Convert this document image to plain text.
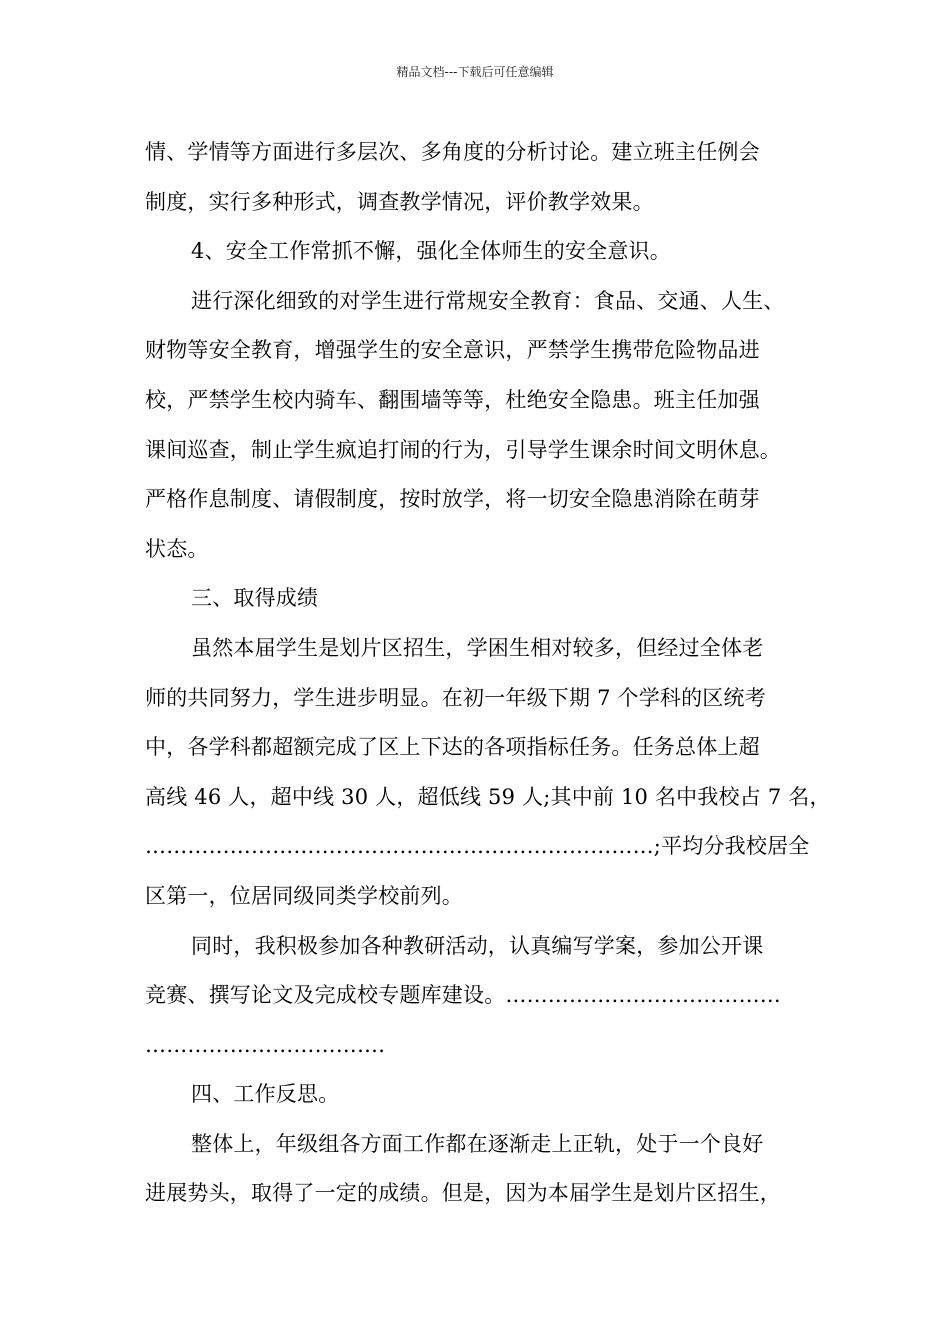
精品文档---下载后可任意编辑
情、学情等方面进行多层次、多角度的分析讨论。建立班主任例会
制度，实行多种形式，调查教学情况，评价教学效果。
4、安全工作常抓不懈，强化全体师生的安全意识。
进行深化细致的对学生进行常规安全教育：食品、交通、人生、
财物等安全教育，增强学生的安全意识，严禁学生携带危险物品进
校，严禁学生校内骑车、翻围墙等等，杜绝安全隐患。班主任加强
课间巡查，制止学生疯追打闹的行为，引导学生课余时间文明休息。
严格作息制度、请假制度，按时放学，将一切安全隐患消除在萌芽
状态。
三、取得成绩
虽然本届学生是划片区招生，学困生相对较多，但经过全体老
师的共同努力，学生进步明显。在初一年级下期 7 个学科的区统考
中，各学科都超额完成了区上下达的各项指标任务。任务总体上超
高线 46 人，超中线 30 人，超低线 59 人;其中前 10 名中我校占 7 名，
………………………………………………………………;平均分我校居全
区第一，位居同级同类学校前列。
同时，我积极参加各种教研活动，认真编写学案，参加公开课
竞赛、撰写论文及完成校专题库建设。…………………………………
…………………………….
四、工作反思。
整体上，年级组各方面工作都在逐渐走上正轨，处于一个良好
进展势头，取得了一定的成绩。但是，因为本届学生是划片区招生，
